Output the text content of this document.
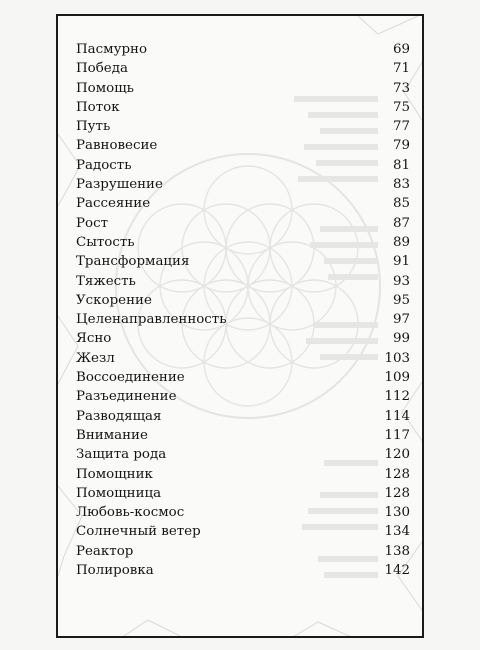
Пасмурно	69
Победа	71
Помощь	73
Поток	75
Путь	77
Равновесие	79
Радость	81
Разрушение	83
Рассеяние	85
Рост	87
Сытость	89
Трансформация	91
Тяжесть	93
Ускорение	95
Целенаправленность	97
Ясно	99
Жезл	103
Воссоединение	109
Разъединение	112
Разводящая	114
Внимание	117
Защита рода	120
Помощник	128
Помощница	128
Любовь-космос	130
Солнечный ветер	134
Реактор	138
Полировка	142
